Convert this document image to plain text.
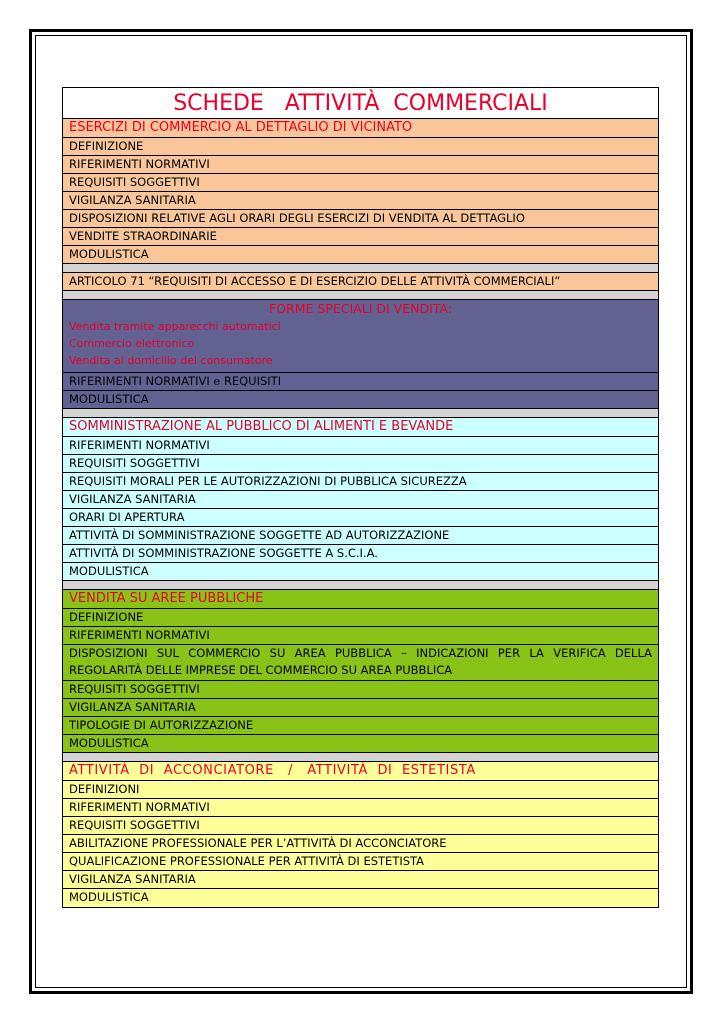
SCHEDE   ATTIVITÀ  COMMERCIALI
ESERCIZI DI COMMERCIO AL DETTAGLIO DI VICINATO
DEFINIZIONE
RIFERIMENTI NORMATIVI
REQUISITI SOGGETTIVI
VIGILANZA SANITARIA
DISPOSIZIONI RELATIVE AGLI ORARI DEGLI ESERCIZI DI VENDITA AL DETTAGLIO
VENDITE STRAORDINARIE
MODULISTICA
ARTICOLO 71 “REQUISITI DI ACCESSO E DI ESERCIZIO DELLE ATTIVITÀ COMMERCIALI”
FORME SPECIALI DI VENDITA:
Vendita tramite apparecchi automatici
Commercio elettronico
Vendita al domicilio del consumatore
RIFERIMENTI NORMATIVI e REQUISITI
MODULISTICA
SOMMINISTRAZIONE AL PUBBLICO DI ALIMENTI E BEVANDE
RIFERIMENTI NORMATIVI
REQUISITI SOGGETTIVI
REQUISITI MORALI PER LE AUTORIZZAZIONI DI PUBBLICA SICUREZZA
VIGILANZA SANITARIA
ORARI DI APERTURA
ATTIVITÀ DI SOMMINISTRAZIONE SOGGETTE AD AUTORIZZAZIONE
ATTIVITÀ DI SOMMINISTRAZIONE SOGGETTE A S.C.I.A.
MODULISTICA
VENDITA SU AREE PUBBLICHE
DEFINIZIONE
RIFERIMENTI NORMATIVI
DISPOSIZIONI SUL COMMERCIO SU AREA PUBBLICA – INDICAZIONI PER LA VERIFICA DELLA REGOLARITÀ DELLE IMPRESE DEL COMMERCIO SU AREA PUBBLICA
REQUISITI SOGGETTIVI
VIGILANZA SANITARIA
TIPOLOGIE DI AUTORIZZAZIONE
MODULISTICA
ATTIVITÀ  DI  ACCONCIATORE   /   ATTIVITÀ  DI  ESTETISTA
DEFINIZIONI
RIFERIMENTI NORMATIVI
REQUISITI SOGGETTIVI
ABILITAZIONE PROFESSIONALE PER L’ATTIVITÀ DI ACCONCIATORE
QUALIFICAZIONE PROFESSIONALE PER ATTIVITÀ DI ESTETISTA
VIGILANZA SANITARIA
MODULISTICA
